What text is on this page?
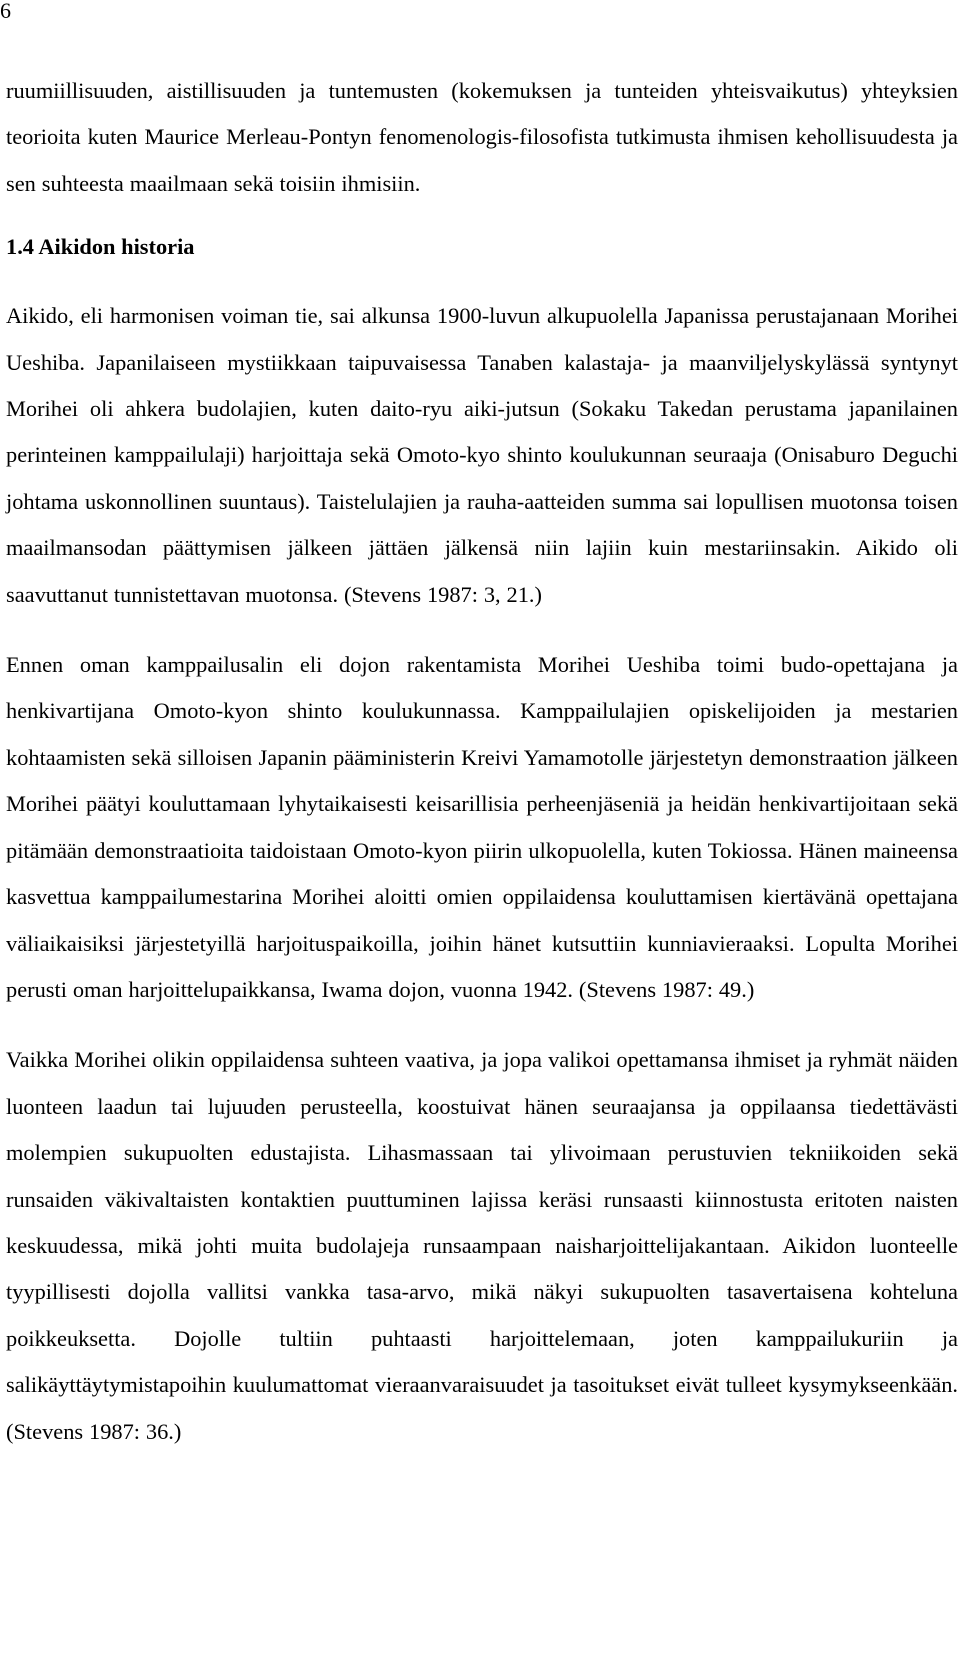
6

ruumiillisuuden, aistillisuuden ja tuntemusten (kokemuksen ja tunteiden yhteisvaikutus) yhteyksien teorioita kuten Maurice Merleau-Pontyn fenomenologis-filosofista tutkimusta ihmisen kehollisuudesta ja sen suhteesta maailmaan sekä toisiin ihmisiin.

1.4 Aikidon historia

Aikido, eli harmonisen voiman tie, sai alkunsa 1900-luvun alkupuolella Japanissa perustajanaan Morihei Ueshiba. Japanilaiseen mystiikkaan taipuvaisessa Tanaben kalastaja- ja maanviljelyskylässä syntynyt Morihei oli ahkera budolajien, kuten daito-ryu aiki-jutsun (Sokaku Takedan perustama japanilainen perinteinen kamppailulaji) harjoittaja sekä Omoto-kyo shinto koulukunnan seuraaja (Onisaburo Deguchi johtama uskonnollinen suuntaus). Taistelulajien ja rauha-aatteiden summa sai lopullisen muotonsa toisen maailmansodan päättymisen jälkeen jättäen jälkensä niin lajiin kuin mestariinsakin. Aikido oli saavuttanut tunnistettavan muotonsa. (Stevens 1987: 3, 21.)

Ennen oman kamppailusalin eli dojon rakentamista Morihei Ueshiba toimi budo-opettajana ja henkivartijana Omoto-kyon shinto koulukunnassa. Kamppailulajien opiskelijoiden ja mestarien kohtaamisten sekä silloisen Japanin pääministerin Kreivi Yamamotolle järjestetyn demonstraation jälkeen Morihei päätyi kouluttamaan lyhytaikaisesti keisarillisia perheenjäseniä ja heidän henkivartijoitaan sekä pitämään demonstraatioita taidoistaan Omoto-kyon piirin ulkopuolella, kuten Tokiossa. Hänen maineensa kasvettua kamppailumestarina Morihei aloitti omien oppilaidensa kouluttamisen kiertävänä opettajana väliaikaisiksi järjestetyillä harjoituspaikoilla, joihin hänet kutsuttiin kunniavieraaksi. Lopulta Morihei perusti oman harjoittelupaikkansa, Iwama dojon, vuonna 1942. (Stevens 1987: 49.)

Vaikka Morihei olikin oppilaidensa suhteen vaativa, ja jopa valikoi opettamansa ihmiset ja ryhmät näiden luonteen laadun tai lujuuden perusteella, koostuivat hänen seuraajansa ja oppilaansa tiedettävästi molempien sukupuolten edustajista. Lihasmassaan tai ylivoimaan perustuvien tekniikoiden sekä runsaiden väkivaltaisten kontaktien puuttuminen lajissa keräsi runsaasti kiinnostusta eritoten naisten keskuudessa, mikä johti muita budolajeja runsaampaan naisharjoittelijakantaan. Aikidon luonteelle tyypillisesti dojolla vallitsi vankka tasa-arvo, mikä näkyi sukupuolten tasavertaisena kohteluna poikkeuksetta. Dojolle tultiin puhtaasti harjoittelemaan, joten kamppailukuriin ja salikäyttäytymistapoihin kuulumattomat vieraanvaraisuudet ja tasoitukset eivät tulleet kysymykseenkään. (Stevens 1987: 36.)
